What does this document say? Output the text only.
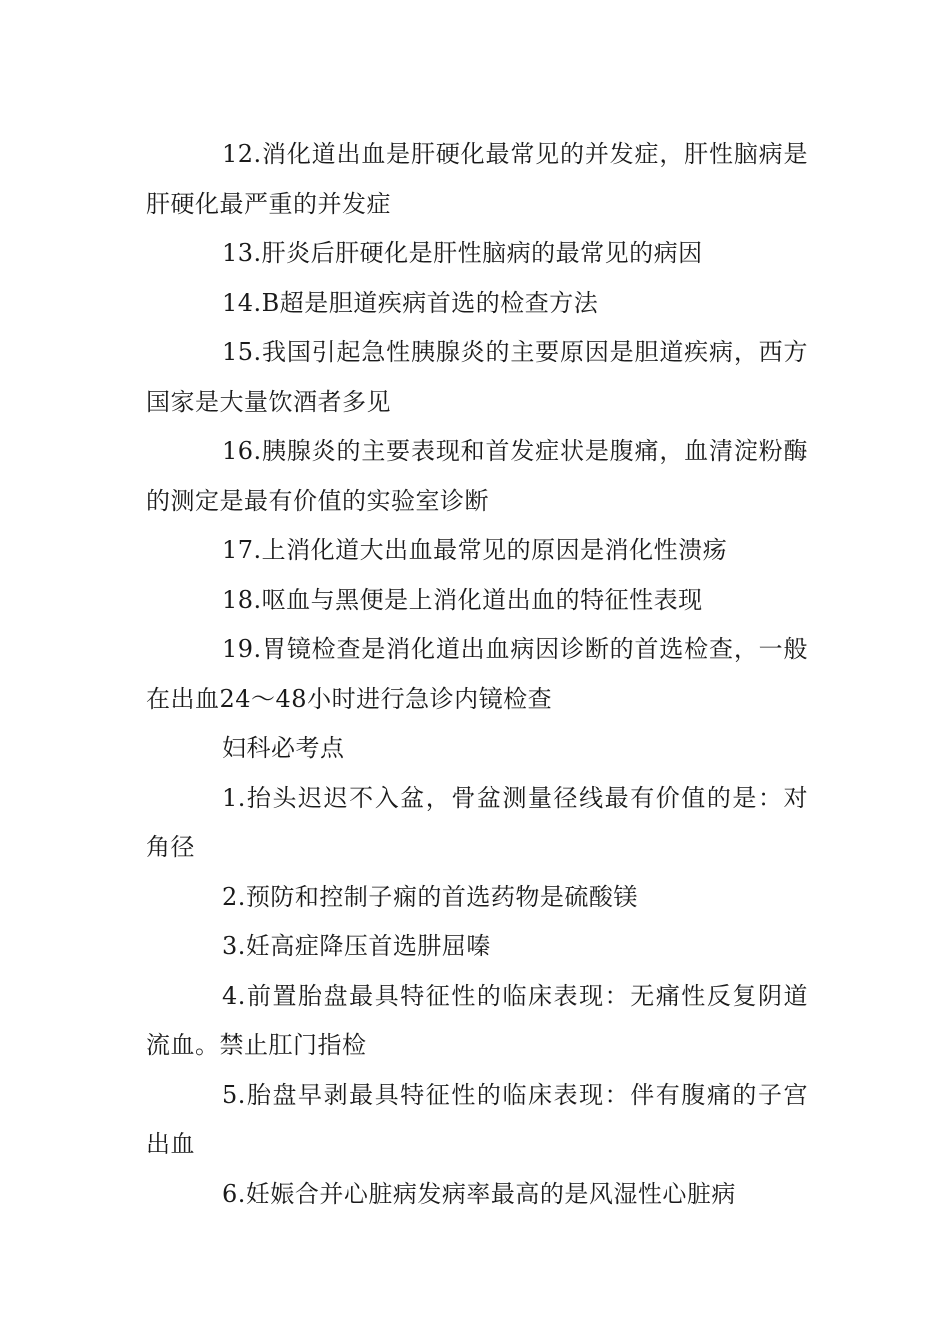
12.消化道出血是肝硬化最常见的并发症，肝性脑病是肝硬化最严重的并发症

13.肝炎后肝硬化是肝性脑病的最常见的病因

14.B超是胆道疾病首选的检查方法

15.我国引起急性胰腺炎的主要原因是胆道疾病，西方国家是大量饮酒者多见

16.胰腺炎的主要表现和首发症状是腹痛，血清淀粉酶的测定是最有价值的实验室诊断

17.上消化道大出血最常见的原因是消化性溃疡

18.呕血与黑便是上消化道出血的特征性表现

19.胃镜检查是消化道出血病因诊断的首选检查，一般在出血24～48小时进行急诊内镜检查

妇科必考点

1.抬头迟迟不入盆，骨盆测量径线最有价值的是：对角径

2.预防和控制子痫的首选药物是硫酸镁

3.妊高症降压首选肼屈嗪

4.前置胎盘最具特征性的临床表现：无痛性反复阴道流血。禁止肛门指检

5.胎盘早剥最具特征性的临床表现：伴有腹痛的子宫出血

6.妊娠合并心脏病发病率最高的是风湿性心脏病
